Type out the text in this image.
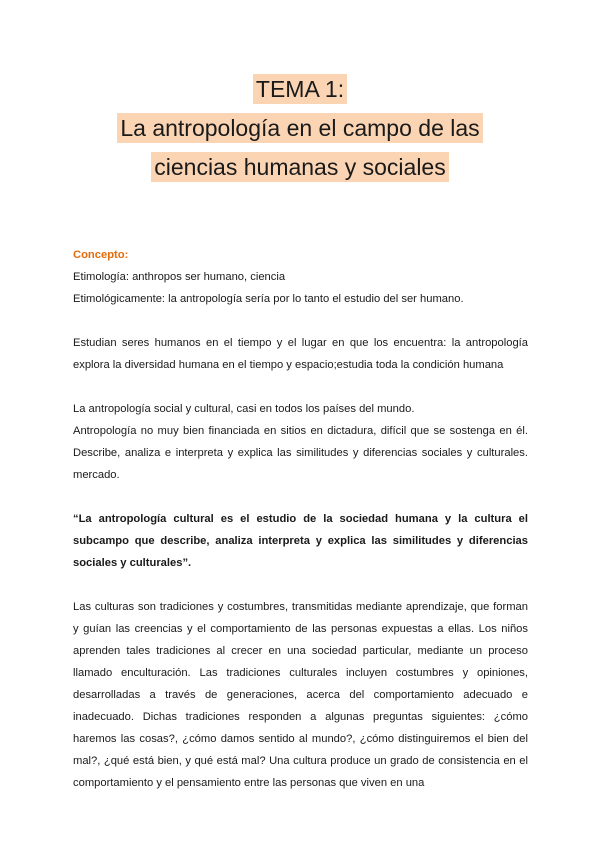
TEMA 1:
La antropología en el campo de las
ciencias humanas y sociales
Concepto:

Etimología: anthropos ser humano, ciencia

Etimológicamente: la antropología sería por lo tanto el estudio del ser humano.

Estudian seres humanos en el tiempo y el lugar en que los encuentra: la antropología explora la diversidad humana en el tiempo y espacio;estudia toda la condición humana

La antropología social y cultural, casi en todos los países del mundo.

Antropología no muy bien financiada en sitios en dictadura, difícil que se sostenga en él. Describe, analiza e interpreta y explica las similitudes y diferencias sociales y culturales. mercado.

“La antropología cultural es el estudio de la sociedad humana y la cultura el subcampo que describe, analiza interpreta y explica las similitudes y diferencias sociales y culturales”.

Las culturas son tradiciones y costumbres, transmitidas mediante aprendizaje, que forman y guían las creencias y el comportamiento de las personas expuestas a ellas. Los niños aprenden tales tradiciones al crecer en una sociedad particular, mediante un proceso llamado enculturación. Las tradiciones culturales incluyen costumbres y opiniones, desarrolladas a través de generaciones, acerca del comportamiento adecuado e inadecuado. Dichas tradiciones responden a algunas preguntas siguientes: ¿cómo haremos las cosas?, ¿cómo damos sentido al mundo?, ¿cómo distinguiremos el bien del mal?, ¿qué está bien, y qué está mal? Una cultura produce un grado de consistencia en el comportamiento y el pensamiento entre las personas que viven en una
